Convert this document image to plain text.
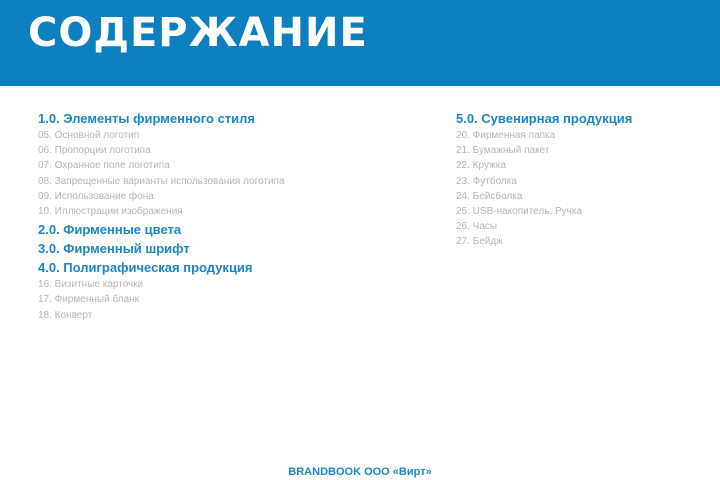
СОДЕРЖАНИЕ
1.0. Элементы фирменного стиля
05. Основной логотип
06. Пропорции логотипа
07. Охранное поле логотипа
08. Запрещенные варианты использования логотипа
09. Использование фона
10. Иллюстрации изображения
2.0. Фирменные цвета
3.0. Фирменный шрифт
4.0. Полиграфическая продукция
16. Визитные карточки
17. Фирменный бланк
18. Конверт
5.0. Сувенирная продукция
20. Фирменная папка
21. Бумажный пакет
22. Кружка
23. Футболка
24. Бейсболка
25. USB-накопитель, Ручка
26. Часы
27. Бейдж
BRANDBOOK ООО «Вирт»
